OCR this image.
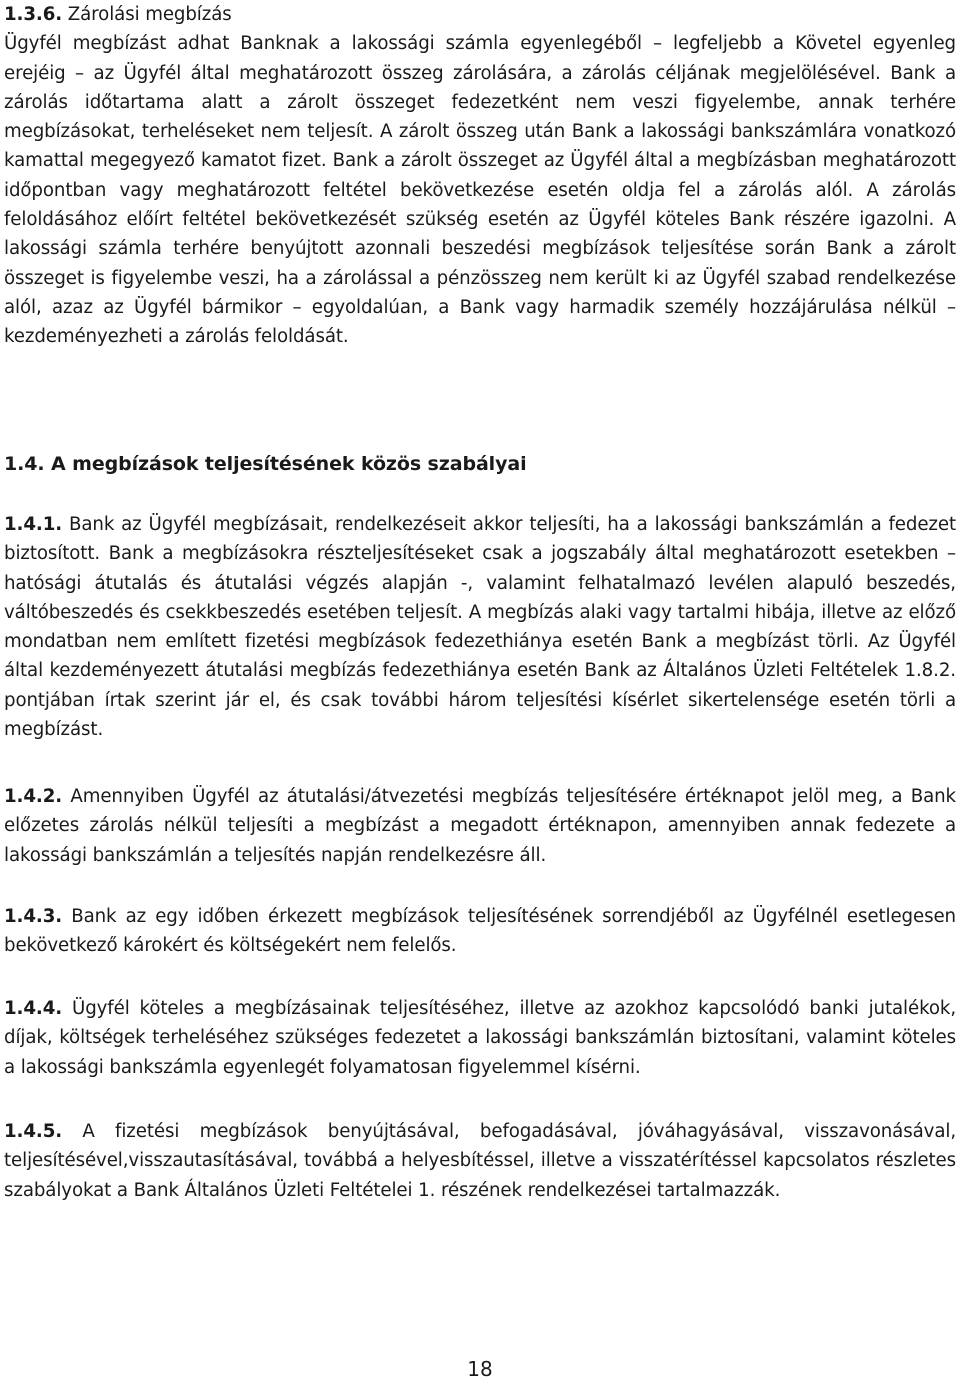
1.3.6. Zárolási megbízás

Ügyfél megbízást adhat Banknak a lakossági számla egyenlegéből – legfeljebb a Követel egyenleg erejéig – az Ügyfél által meghatározott összeg zárolására, a zárolás céljának megjelölésével. Bank a zárolás időtartama alatt a zárolt összeget fedezetként nem veszi figyelembe, annak terhére megbízásokat, terheléseket nem teljesít. A zárolt összeg után Bank a lakossági bankszámlára vonatkozó kamattal megegyező kamatot fizet. Bank a zárolt összeget az Ügyfél által a megbízásban meghatározott időpontban vagy meghatározott feltétel bekövetkezése esetén oldja fel a zárolás alól. A zárolás feloldásához előírt feltétel bekövetkezését szükség esetén az Ügyfél köteles Bank részére igazolni. A lakossági számla terhére benyújtott azonnali beszedési megbízások teljesítése során Bank a zárolt összeget is figyelembe veszi, ha a zárolással a pénzösszeg nem került ki az Ügyfél szabad rendelkezése alól, azaz az Ügyfél bármikor – egyoldalúan, a Bank vagy harmadik személy hozzájárulása nélkül – kezdeményezheti a zárolás feloldását.

1.4. A megbízások teljesítésének közös szabályai

1.4.1. Bank az Ügyfél megbízásait, rendelkezéseit akkor teljesíti, ha a lakossági bankszámlán a fedezet biztosított. Bank a megbízásokra részteljesítéseket csak a jogszabály által meghatározott esetekben – hatósági átutalás és átutalási végzés alapján -, valamint felhatalmazó levélen alapuló beszedés, váltóbeszedés és csekkbeszedés esetében teljesít. A megbízás alaki vagy tartalmi hibája, illetve az előző mondatban nem említett fizetési megbízások fedezethiánya esetén Bank a megbízást törli. Az Ügyfél által kezdeményezett átutalási megbízás fedezethiánya esetén Bank az Általános Üzleti Feltételek 1.8.2. pontjában írtak szerint jár el, és csak további három teljesítési kísérlet sikertelensége esetén törli a megbízást.

1.4.2. Amennyiben Ügyfél az átutalási/átvezetési megbízás teljesítésére értéknapot jelöl meg, a Bank előzetes zárolás nélkül teljesíti a megbízást a megadott értéknapon, amennyiben annak fedezete a lakossági bankszámlán a teljesítés napján rendelkezésre áll.

1.4.3. Bank az egy időben érkezett megbízások teljesítésének sorrendjéből az Ügyfélnél esetlegesen bekövetkező károkért és költségekért nem felelős.

1.4.4. Ügyfél köteles a megbízásainak teljesítéséhez, illetve az azokhoz kapcsolódó banki jutalékok, díjak, költségek terheléséhez szükséges fedezetet a lakossági bankszámlán biztosítani, valamint köteles a lakossági bankszámla egyenlegét folyamatosan figyelemmel kísérni.

1.4.5. A fizetési megbízások benyújtásával, befogadásával, jóváhagyásával, visszavonásával, teljesítésével,visszautasításával, továbbá a helyesbítéssel, illetve a visszatérítéssel kapcsolatos részletes szabályokat a Bank Általános Üzleti Feltételei 1. részének rendelkezései tartalmazzák.

18
